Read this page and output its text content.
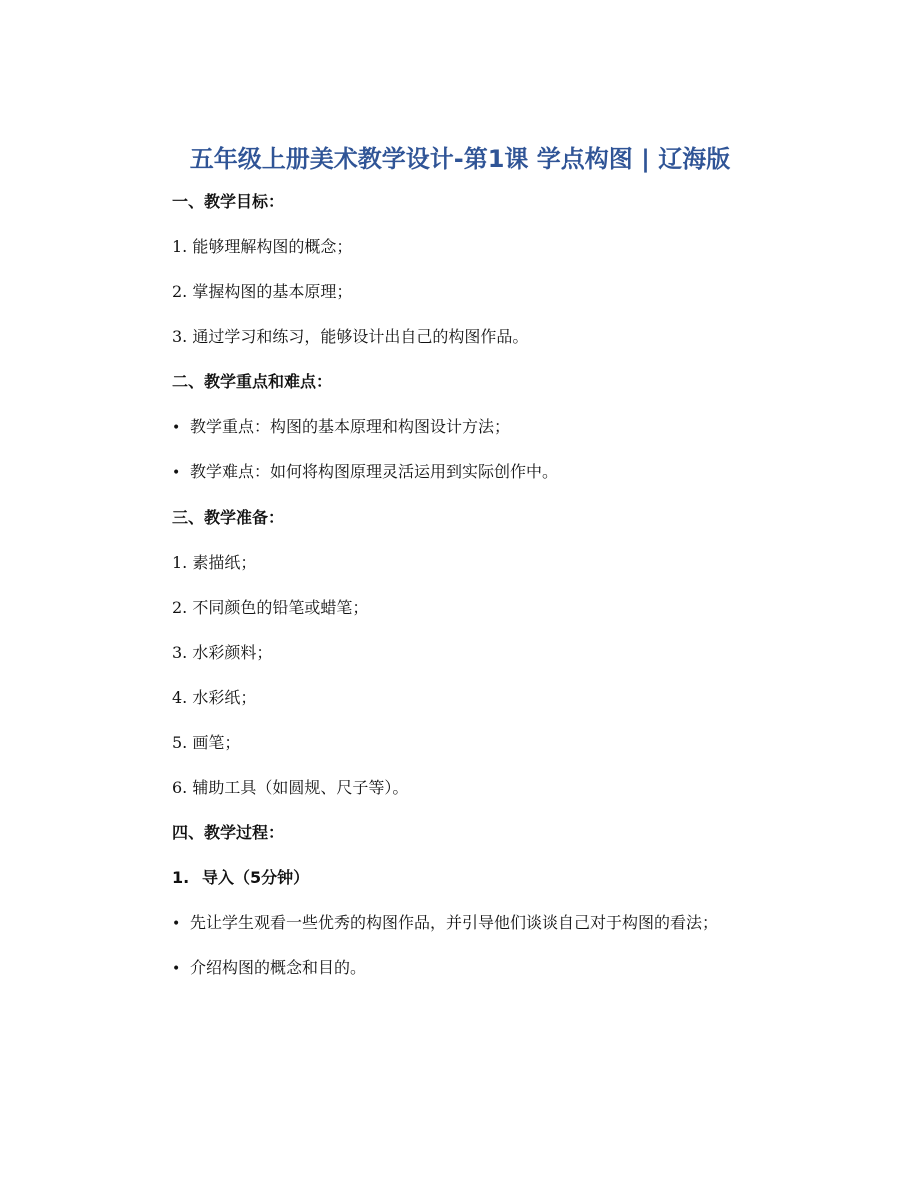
五年级上册美术教学设计-第1课 学点构图 | 辽海版

一、教学目标：

1. 能够理解构图的概念；

2. 掌握构图的基本原理；

3. 通过学习和练习，能够设计出自己的构图作品。

二、教学重点和难点：

• 教学重点：构图的基本原理和构图设计方法；

• 教学难点：如何将构图原理灵活运用到实际创作中。

三、教学准备：

1. 素描纸；

2. 不同颜色的铅笔或蜡笔；

3. 水彩颜料；

4. 水彩纸；

5. 画笔；

6. 辅助工具（如圆规、尺子等）。

四、教学过程：

1. 导入（5分钟）

• 先让学生观看一些优秀的构图作品，并引导他们谈谈自己对于构图的看法；

• 介绍构图的概念和目的。
